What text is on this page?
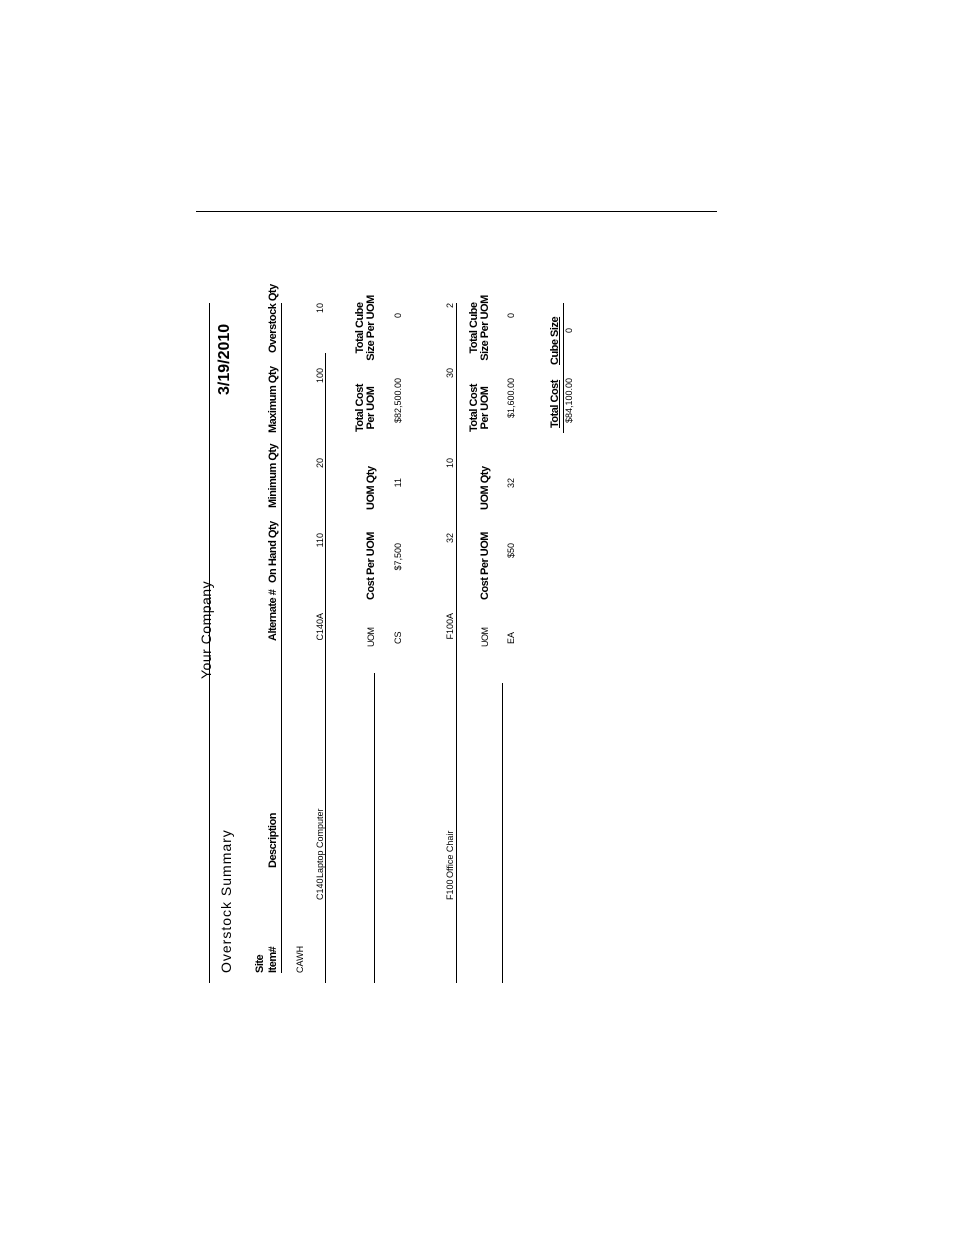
Overstock Summary
Your Company
3/19/2010
Site Item#
Description
Alternate #
On Hand Qty
Minimum Qty
Maximum Qty
Overstock Qty
CAWH
C140
Laptop Computer
C140A
110
20
100
10
UOM
Cost Per UOM
UOM Qty
Total Cost Per UOM
Total Cube Size Per UOM
CS
$7,500
11
$82,500.00
0
F100
Office Chair
F100A
32
10
30
2
UOM
Cost Per UOM
UOM Qty
Total Cost Per UOM
Total Cube Size Per UOM
EA
$50
32
$1,600.00
0
Total Cost
Cube Size
$84,100.00
0
